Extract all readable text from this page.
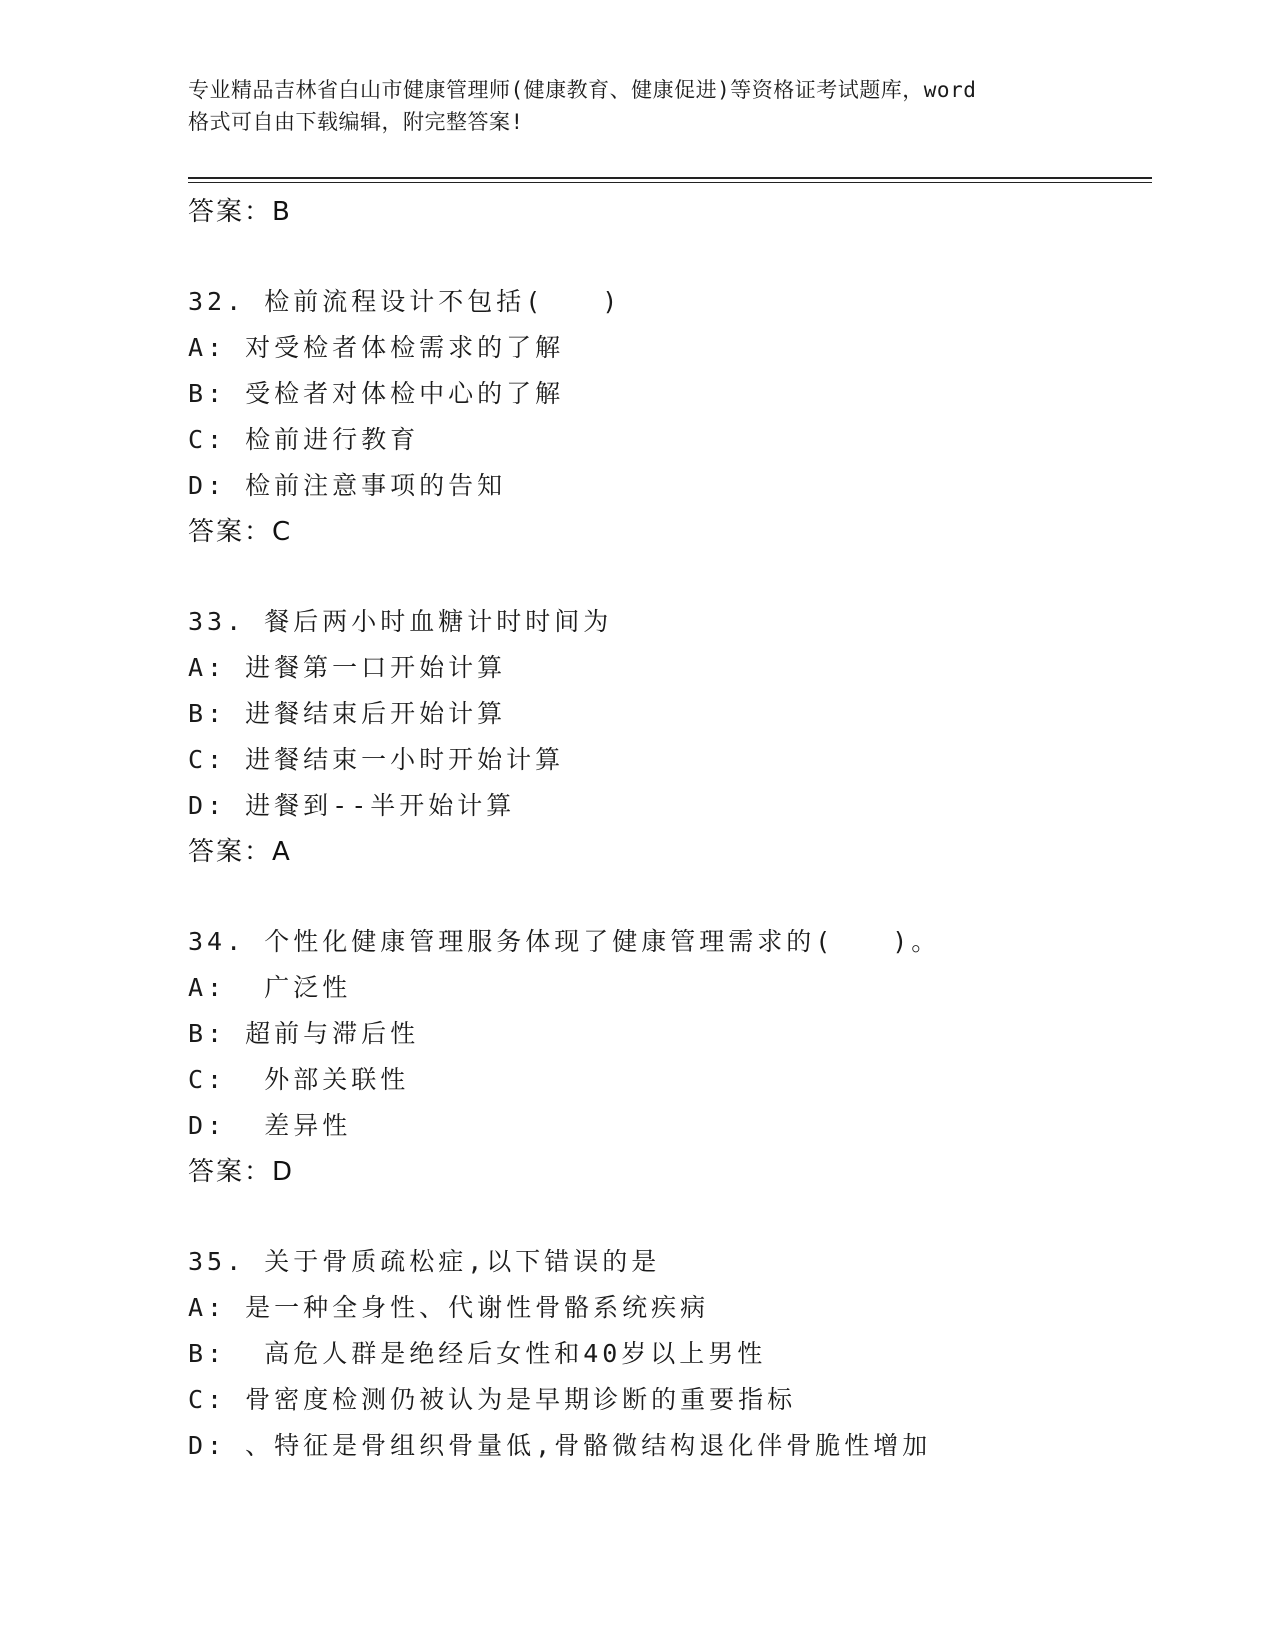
专业精品吉林省白山市健康管理师(健康教育、健康促进)等资格证考试题库，word
格式可自由下载编辑，附完整答案!
答案：B
32. 检前流程设计不包括(　　)
A: 对受检者体检需求的了解
B: 受检者对体检中心的了解
C: 检前进行教育
D: 检前注意事项的告知
答案：C
33. 餐后两小时血糖计时时间为
A: 进餐第一口开始计算
B: 进餐结束后开始计算
C: 进餐结束一小时开始计算
D: 进餐到--半开始计算
答案：A
34. 个性化健康管理服务体现了健康管理需求的(　　)。
A:  广泛性
B: 超前与滞后性
C:  外部关联性
D:  差异性
答案：D
35. 关于骨质疏松症,以下错误的是
A: 是一种全身性、代谢性骨骼系统疾病
B:  高危人群是绝经后女性和40岁以上男性
C: 骨密度检测仍被认为是早期诊断的重要指标
D: 、特征是骨组织骨量低,骨骼微结构退化伴骨脆性增加
